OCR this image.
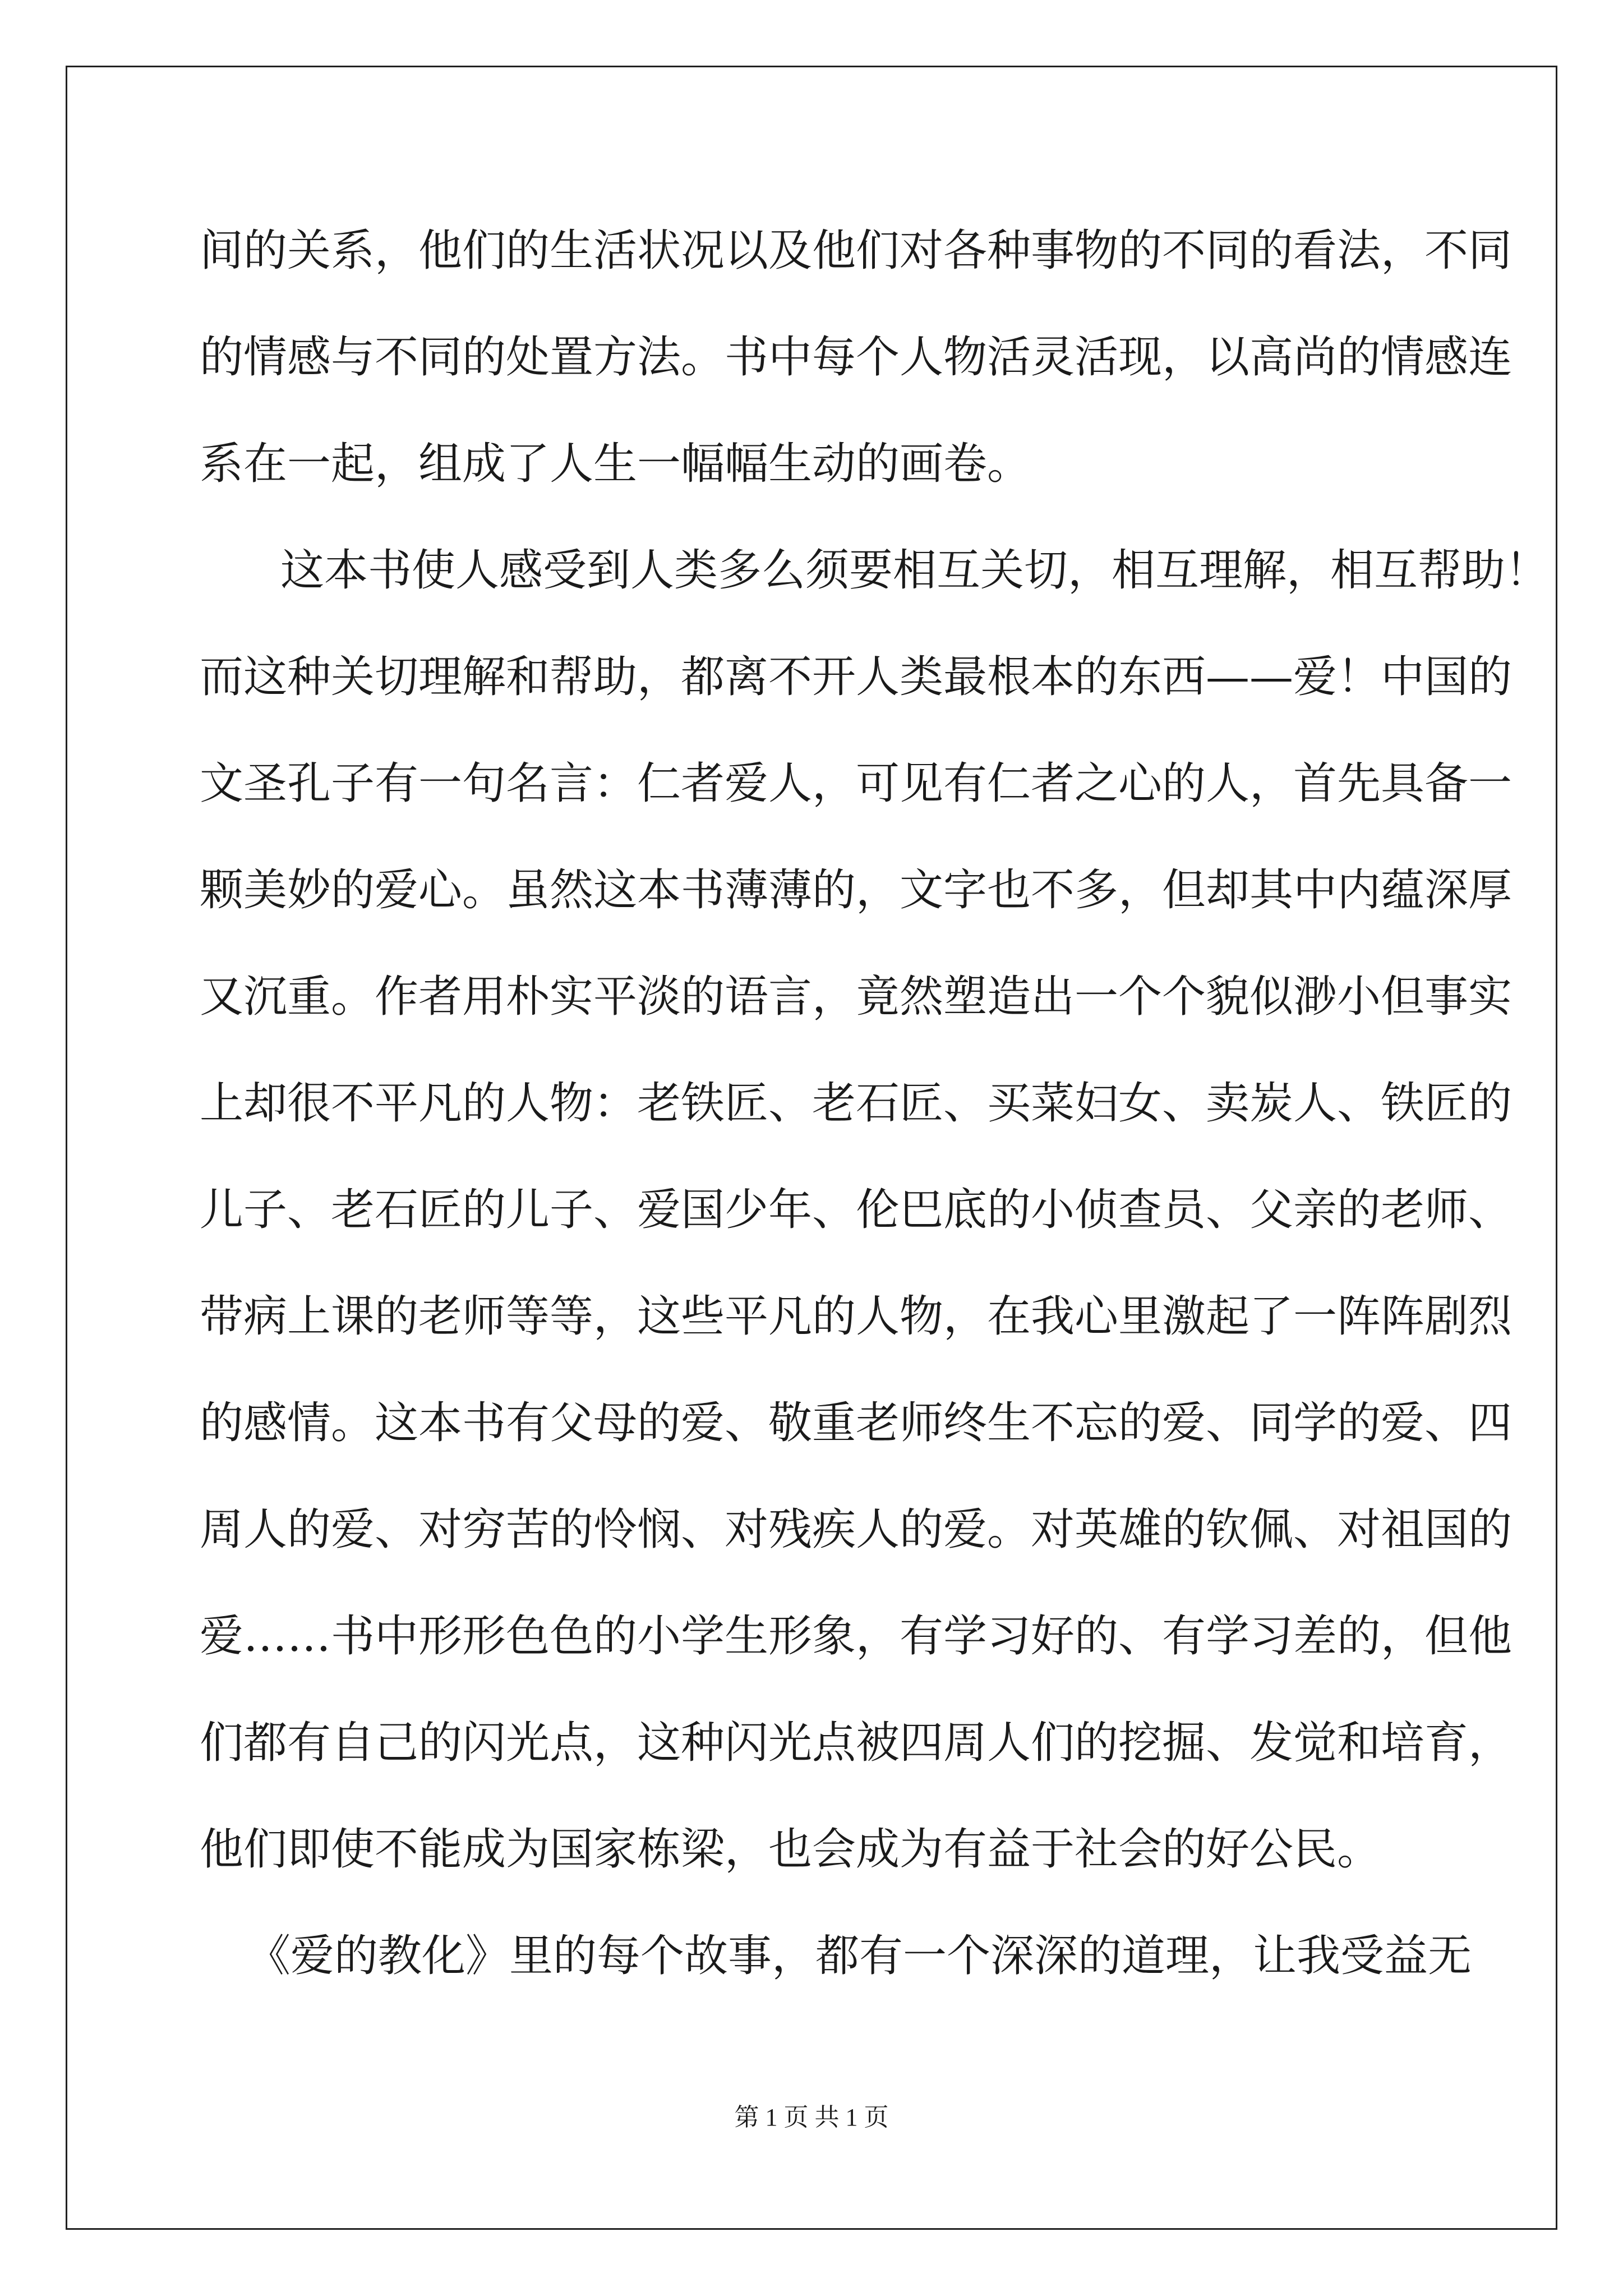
间的关系，他们的生活状况以及他们对各种事物的不同的看法，不同

的情感与不同的处置方法。书中每个人物活灵活现，以高尚的情感连

系在一起，组成了人生一幅幅生动的画卷。

这本书使人感受到人类多么须要相互关切，相互理解，相互帮助！

而这种关切理解和帮助，都离不开人类最根本的东西——爱！中国的

文圣孔子有一句名言：仁者爱人，可见有仁者之心的人，首先具备一

颗美妙的爱心。虽然这本书薄薄的，文字也不多，但却其中内蕴深厚

又沉重。作者用朴实平淡的语言，竟然塑造出一个个貌似渺小但事实

上却很不平凡的人物：老铁匠、老石匠、买菜妇女、卖炭人、铁匠的

儿子、老石匠的儿子、爱国少年、伦巴底的小侦查员、父亲的老师、

带病上课的老师等等，这些平凡的人物，在我心里激起了一阵阵剧烈

的感情。这本书有父母的爱、敬重老师终生不忘的爱、同学的爱、四

周人的爱、对穷苦的怜悯、对残疾人的爱。对英雄的钦佩、对祖国的

爱……书中形形色色的小学生形象，有学习好的、有学习差的，但他

们都有自己的闪光点，这种闪光点被四周人们的挖掘、发觉和培育，

他们即使不能成为国家栋梁，也会成为有益于社会的好公民。

《爱的教化》里的每个故事，都有一个深深的道理，让我受益无

第 1 页 共 1 页
